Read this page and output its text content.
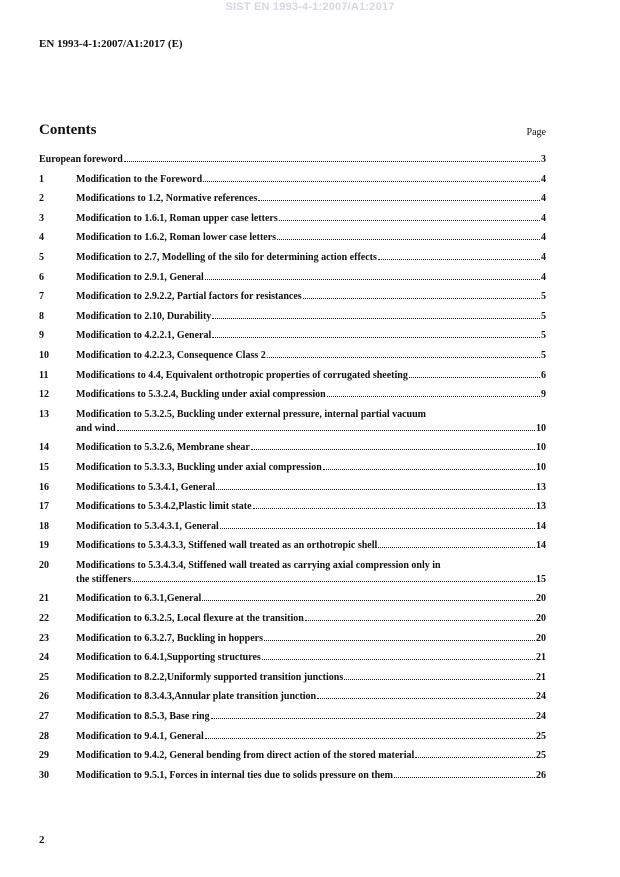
SIST EN 1993-4-1:2007/A1:2017
EN 1993-4-1:2007/A1:2017 (E)
Contents	Page
European foreword	3
1	Modification to the Foreword	4
2	Modifications to 1.2, Normative references	4
3	Modification to 1.6.1, Roman upper case letters	4
4	Modification to 1.6.2, Roman lower case letters	4
5	Modification to 2.7, Modelling of the silo for determining action effects	4
6	Modification to 2.9.1, General	4
7	Modification to 2.9.2.2, Partial factors for resistances	5
8	Modification to 2.10, Durability	5
9	Modification to 4.2.2.1, General	5
10	Modification to 4.2.2.3, Consequence Class 2	5
11	Modifications to 4.4, Equivalent orthotropic properties of corrugated sheeting	6
12	Modifications to 5.3.2.4, Buckling under axial compression	9
13	Modification to 5.3.2.5, Buckling under external pressure, internal partial vacuum
and wind	10
14	Modification to 5.3.2.6, Membrane shear	10
15	Modification to 5.3.3.3, Buckling under axial compression	10
16	Modifications to 5.3.4.1, General	13
17	Modifications to 5.3.4.2,Plastic limit state	13
18	Modification to 5.3.4.3.1, General	14
19	Modifications to 5.3.4.3.3, Stiffened wall treated as an orthotropic shell	14
20	Modifications to 5.3.4.3.4, Stiffened wall treated as carrying axial compression only in
the stiffeners	15
21	Modification to 6.3.1,General	20
22	Modification to 6.3.2.5, Local flexure at the transition	20
23	Modification to 6.3.2.7, Buckling in hoppers	20
24	Modification to 6.4.1,Supporting structures	21
25	Modification to 8.2.2,Uniformly supported transition junctions	21
26	Modification to 8.3.4.3,Annular plate transition junction	24
27	Modification to 8.5.3, Base ring	24
28	Modification to 9.4.1, General	25
29	Modification to 9.4.2, General bending from direct action of the stored material	25
30	Modification to 9.5.1, Forces in internal ties due to solids pressure on them	26
2
